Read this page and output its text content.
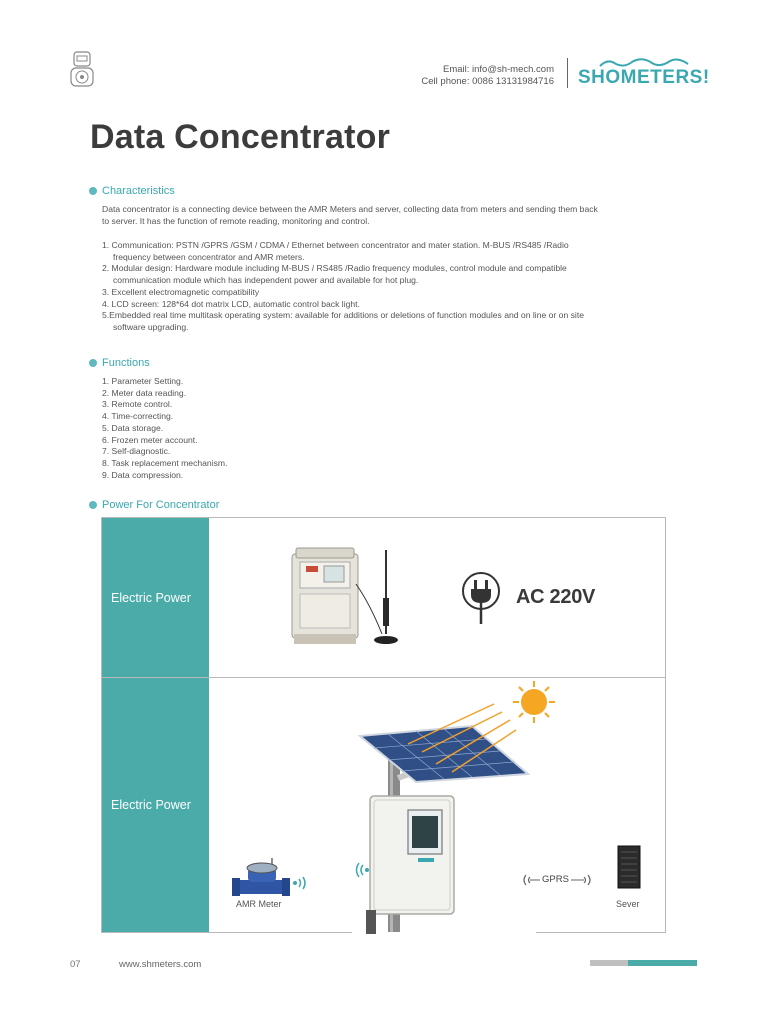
Email: info@sh-mech.com
Cell phone: 0086 13131984716 SHOMETERS!
Data Concentrator
Characteristics
Data concentrator is a connecting device between the AMR Meters and server, collecting data from meters and sending them back
to server. It has the function of remote reading, monitoring and control.
1. Communication: PSTN /GPRS /GSM / CDMA / Ethernet between concentrator and mater station. M-BUS /RS485 /Radio
frequency between concentrator and AMR meters.
2. Modular design: Hardware module including M-BUS / RS485 /Radio frequency modules, control module and compatible
communication module which has independent power and available for hot plug.
3. Excellent electromagnetic compatibility
4. LCD screen: 128*64 dot matrix LCD, automatic control back light.
5.Embedded real time multitask operating system: available for additions or deletions of function modules and on line or on site
software upgrading.
Functions
1. Parameter Setting.
2. Meter data reading.
3. Remote control.
4. Time-correcting.
5. Data storage.
6. Frozen meter account.
7. Self-diagnostic.
8. Task replacement mechanism.
9. Data compression.
Power For Concentrator
Electric Power	AC 220V
Electric Power
AMR Meter
GPRS
Sever
07	www.shmeters.com
